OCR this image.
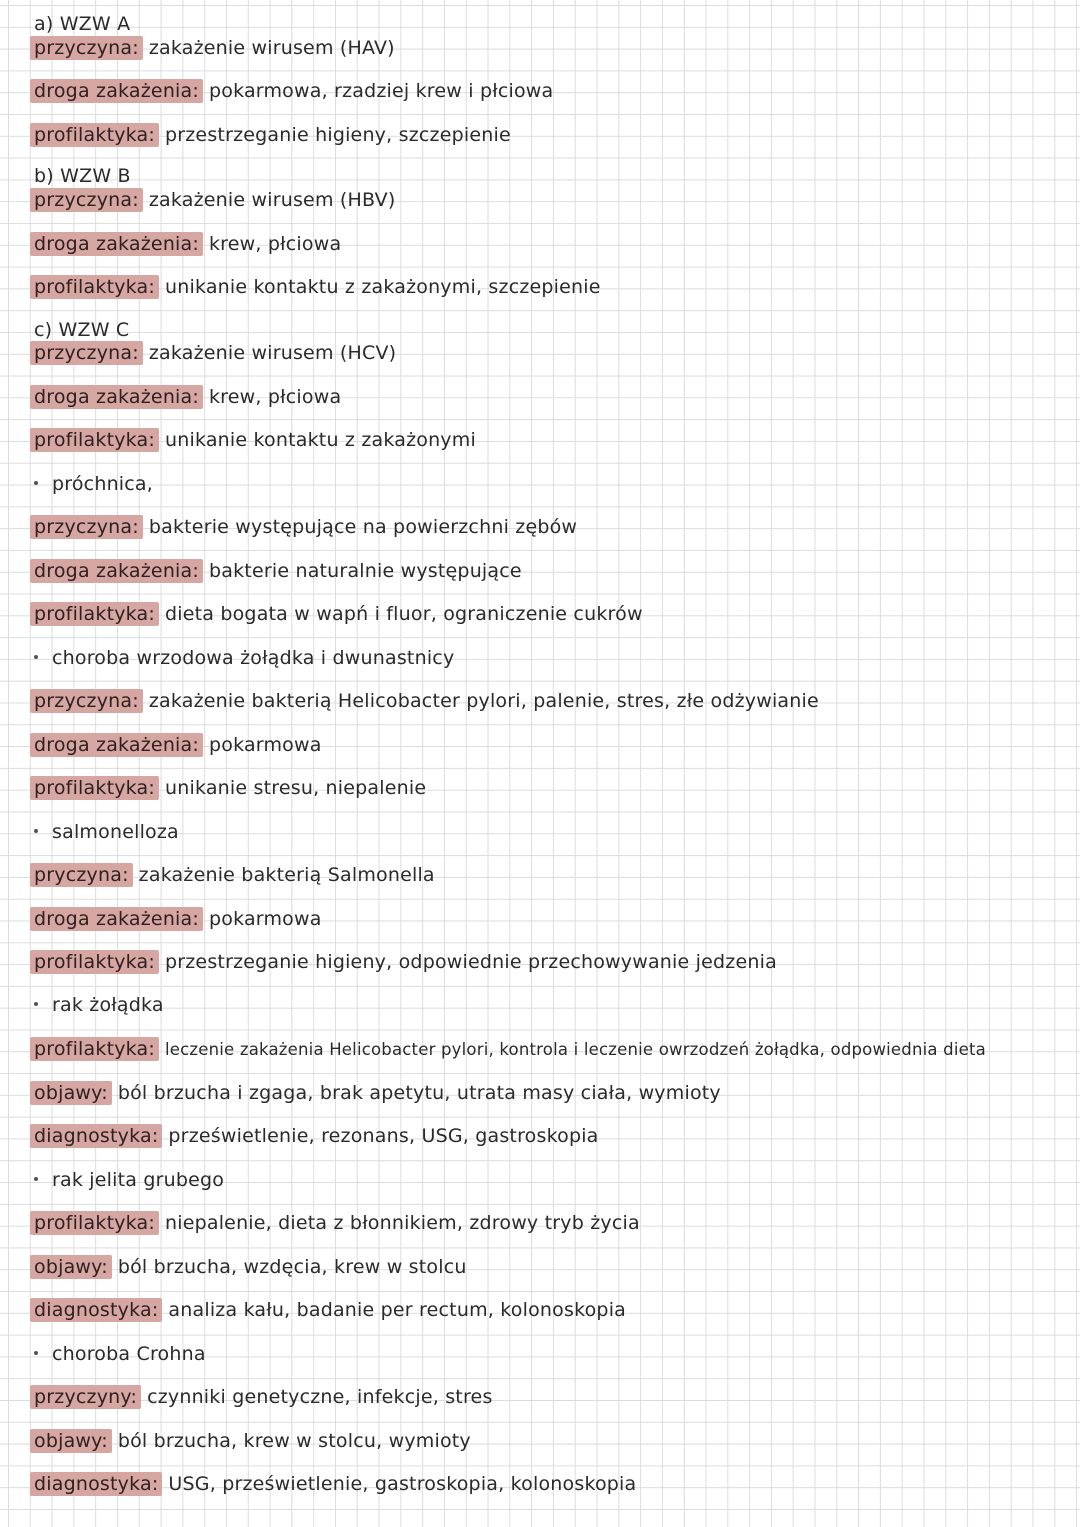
a) WZW A
przyczyna: zakażenie wirusem (HAV)
droga zakażenia: pokarmowa, rzadziej krew i płciowa
profilaktyka: przestrzeganie higieny, szczepienie
b) WZW B
przyczyna: zakażenie wirusem (HBV)
droga zakażenia: krew, płciowa
profilaktyka: unikanie kontaktu z zakażonymi, szczepienie
c) WZW C
przyczyna: zakażenie wirusem (HCV)
droga zakażenia: krew, płciowa
profilaktyka: unikanie kontaktu z zakażonymi
próchnica,
przyczyna: bakterie występujące na powierzchni zębów
droga zakażenia: bakterie naturalnie występujące
profilaktyka: dieta bogata w wapń i fluor, ograniczenie cukrów
choroba wrzodowa żołądka i dwunastnicy
przyczyna: zakażenie bakterią Helicobacter pylori, palenie, stres, złe odżywianie
droga zakażenia: pokarmowa
profilaktyka: unikanie stresu, niepalenie
salmonelloza
pryczyna: zakażenie bakterią Salmonella
droga zakażenia: pokarmowa
profilaktyka: przestrzeganie higieny, odpowiednie przechowywanie jedzenia
rak żołądka
profilaktyka: leczenie zakażenia Helicobacter pylori, kontrola i leczenie owrzodzeń żołądka, odpowiednia dieta
objawy: ból brzucha i zgaga, brak apetytu, utrata masy ciała, wymioty
diagnostyka: prześwietlenie, rezonans, USG, gastroskopia
rak jelita grubego
profilaktyka: niepalenie, dieta z błonnikiem, zdrowy tryb życia
objawy: ból brzucha, wzdęcia, krew w stolcu
diagnostyka: analiza kału, badanie per rectum, kolonoskopia
choroba Crohna
przyczyny: czynniki genetyczne, infekcje, stres
objawy: ból brzucha, krew w stolcu, wymioty
diagnostyka: USG, prześwietlenie, gastroskopia, kolonoskopia
